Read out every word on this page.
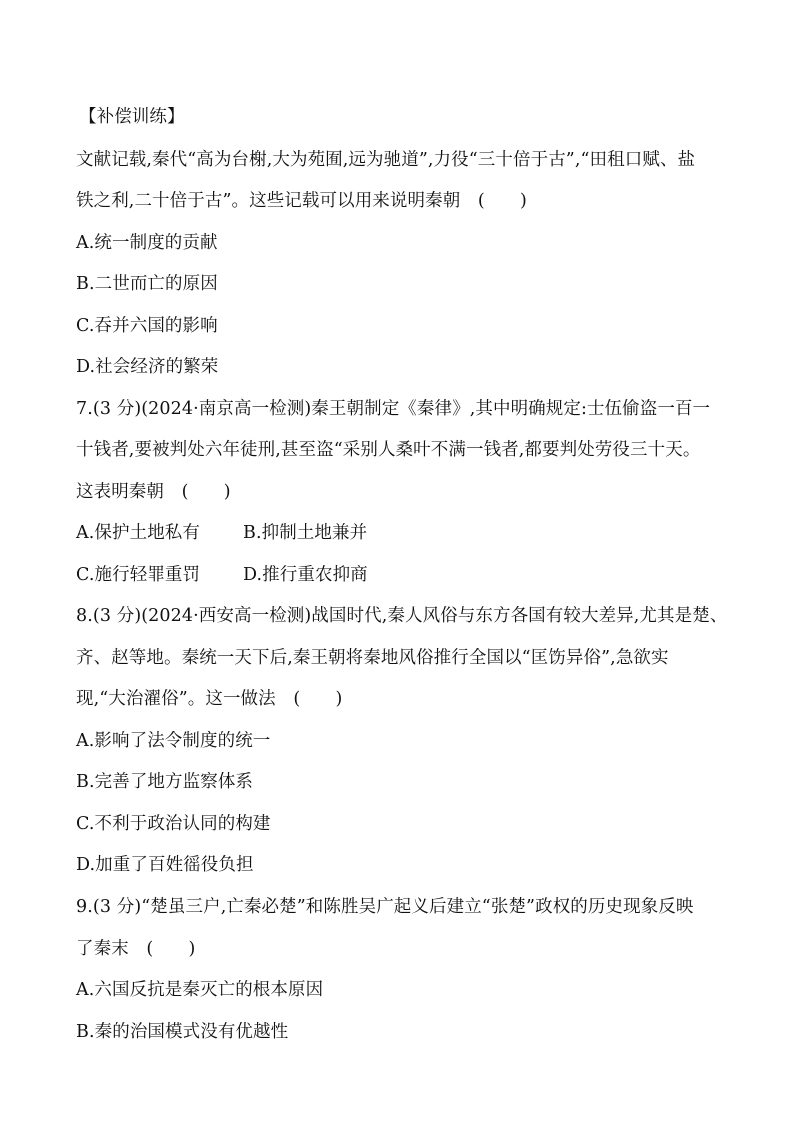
【补偿训练】
文献记载,秦代“高为台榭,大为苑囿,远为驰道”,力役“三十倍于古”,“田租口赋、盐
铁之利,二十倍于古”。这些记载可以用来说明秦朝　(　　)
A.统一制度的贡献
B.二世而亡的原因
C.吞并六国的影响
D.社会经济的繁荣
7.(3 分)(2024·南京高一检测)秦王朝制定《秦律》,其中明确规定:士伍偷盗一百一
十钱者,要被判处六年徒刑,甚至盗“采别人桑叶不满一钱者,都要判处劳役三十天。
这表明秦朝　(　　)
A.保护土地私有 B.抑制土地兼并
C.施行轻罪重罚 D.推行重农抑商
8.(3 分)(2024·西安高一检测)战国时代,秦人风俗与东方各国有较大差异,尤其是楚、
齐、赵等地。秦统一天下后,秦王朝将秦地风俗推行全国以“匡饬异俗”,急欲实
现,“大治濯俗”。这一做法　(　　)
A.影响了法令制度的统一
B.完善了地方监察体系
C.不利于政治认同的构建
D.加重了百姓徭役负担
9.(3 分)“楚虽三户,亡秦必楚”和陈胜吴广起义后建立“张楚”政权的历史现象反映
了秦末　(　　)
A.六国反抗是秦灭亡的根本原因
B.秦的治国模式没有优越性
